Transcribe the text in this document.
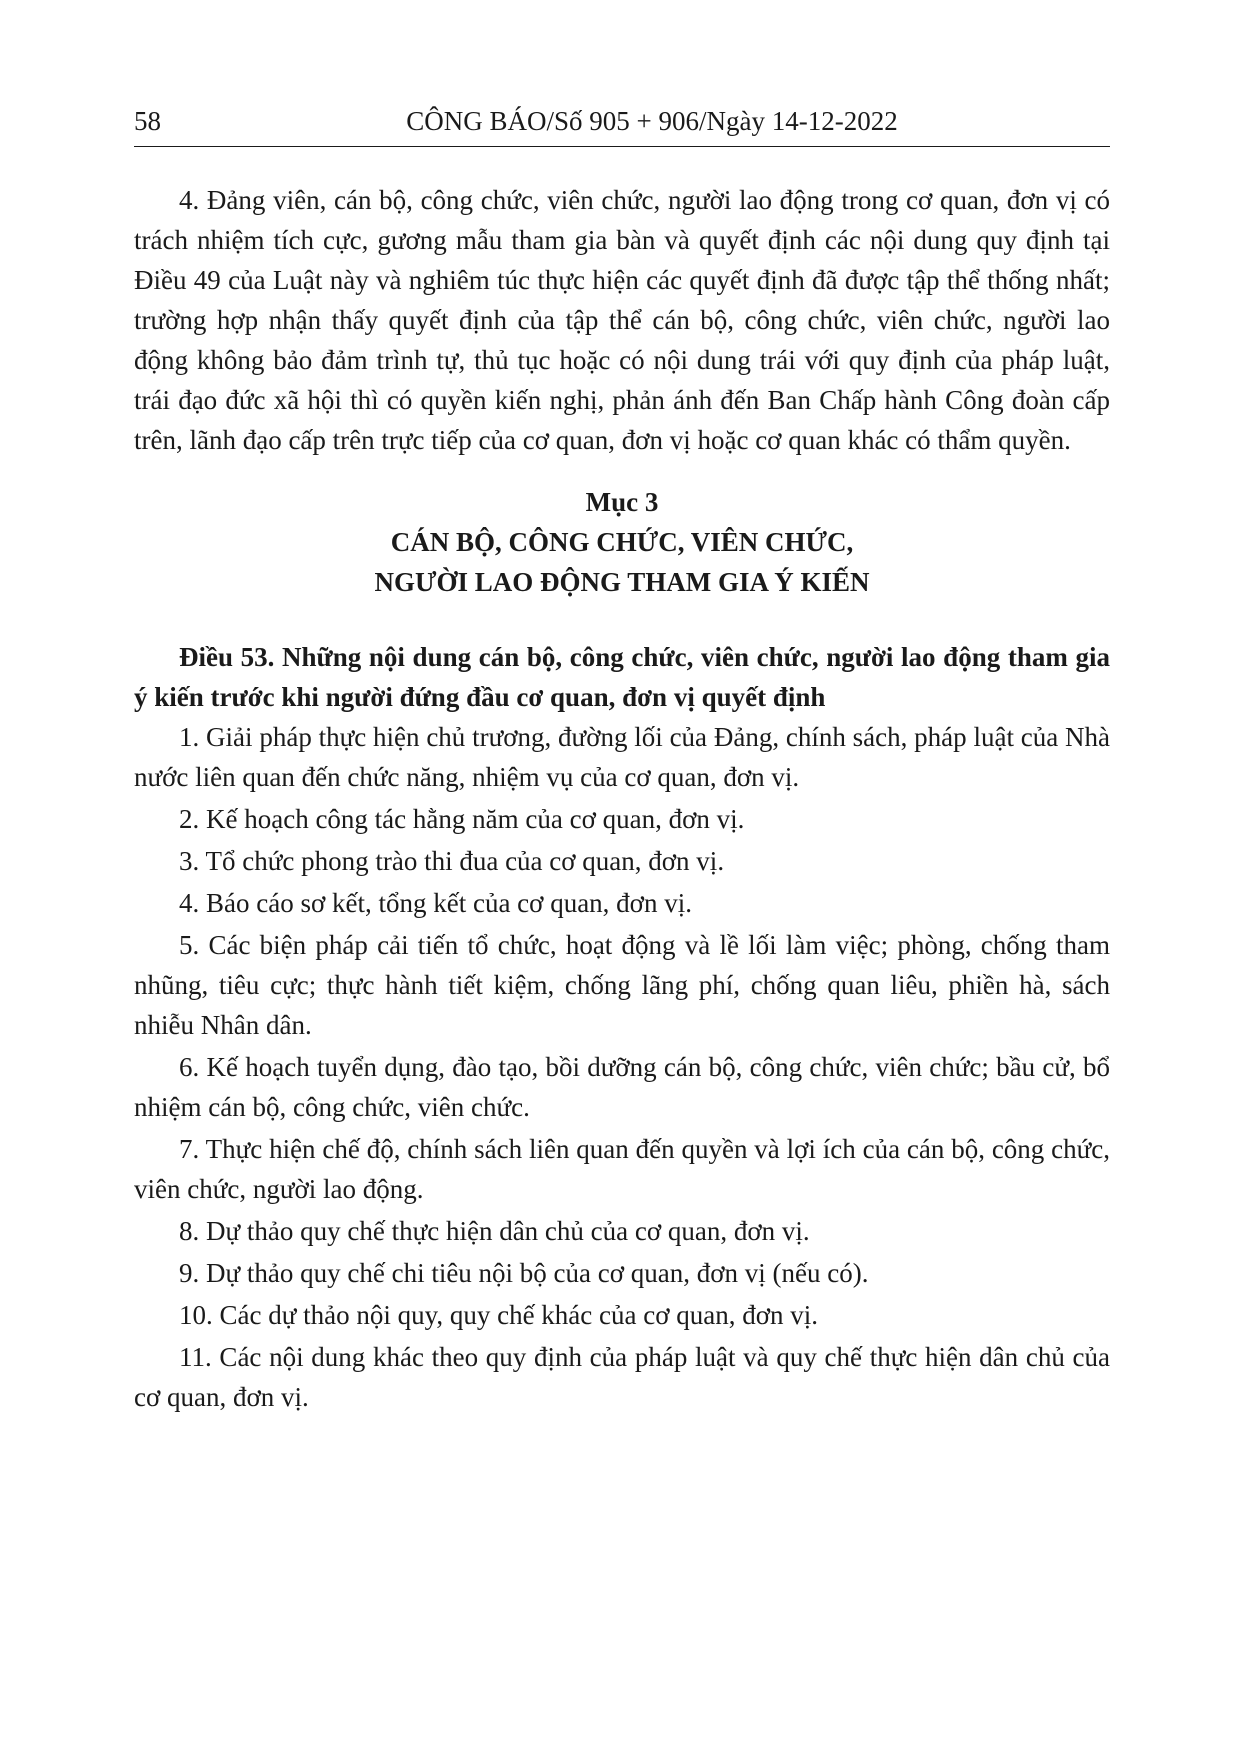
58	CÔNG BÁO/Số 905 + 906/Ngày 14-12-2022

4. Đảng viên, cán bộ, công chức, viên chức, người lao động trong cơ quan, đơn vị có trách nhiệm tích cực, gương mẫu tham gia bàn và quyết định các nội dung quy định tại Điều 49 của Luật này và nghiêm túc thực hiện các quyết định đã được tập thể thống nhất; trường hợp nhận thấy quyết định của tập thể cán bộ, công chức, viên chức, người lao động không bảo đảm trình tự, thủ tục hoặc có nội dung trái với quy định của pháp luật, trái đạo đức xã hội thì có quyền kiến nghị, phản ánh đến Ban Chấp hành Công đoàn cấp trên, lãnh đạo cấp trên trực tiếp của cơ quan, đơn vị hoặc cơ quan khác có thẩm quyền.

Mục 3

CÁN BỘ, CÔNG CHỨC, VIÊN CHỨC,

NGƯỜI LAO ĐỘNG THAM GIA Ý KIẾN

Điều 53. Những nội dung cán bộ, công chức, viên chức, người lao động tham gia ý kiến trước khi người đứng đầu cơ quan, đơn vị quyết định

1. Giải pháp thực hiện chủ trương, đường lối của Đảng, chính sách, pháp luật của Nhà nước liên quan đến chức năng, nhiệm vụ của cơ quan, đơn vị.

2. Kế hoạch công tác hằng năm của cơ quan, đơn vị.

3. Tổ chức phong trào thi đua của cơ quan, đơn vị.

4. Báo cáo sơ kết, tổng kết của cơ quan, đơn vị.

5. Các biện pháp cải tiến tổ chức, hoạt động và lề lối làm việc; phòng, chống tham nhũng, tiêu cực; thực hành tiết kiệm, chống lãng phí, chống quan liêu, phiền hà, sách nhiễu Nhân dân.

6. Kế hoạch tuyển dụng, đào tạo, bồi dưỡng cán bộ, công chức, viên chức; bầu cử, bổ nhiệm cán bộ, công chức, viên chức.

7. Thực hiện chế độ, chính sách liên quan đến quyền và lợi ích của cán bộ, công chức, viên chức, người lao động.

8. Dự thảo quy chế thực hiện dân chủ của cơ quan, đơn vị.

9. Dự thảo quy chế chi tiêu nội bộ của cơ quan, đơn vị (nếu có).

10. Các dự thảo nội quy, quy chế khác của cơ quan, đơn vị.

11. Các nội dung khác theo quy định của pháp luật và quy chế thực hiện dân chủ của cơ quan, đơn vị.
